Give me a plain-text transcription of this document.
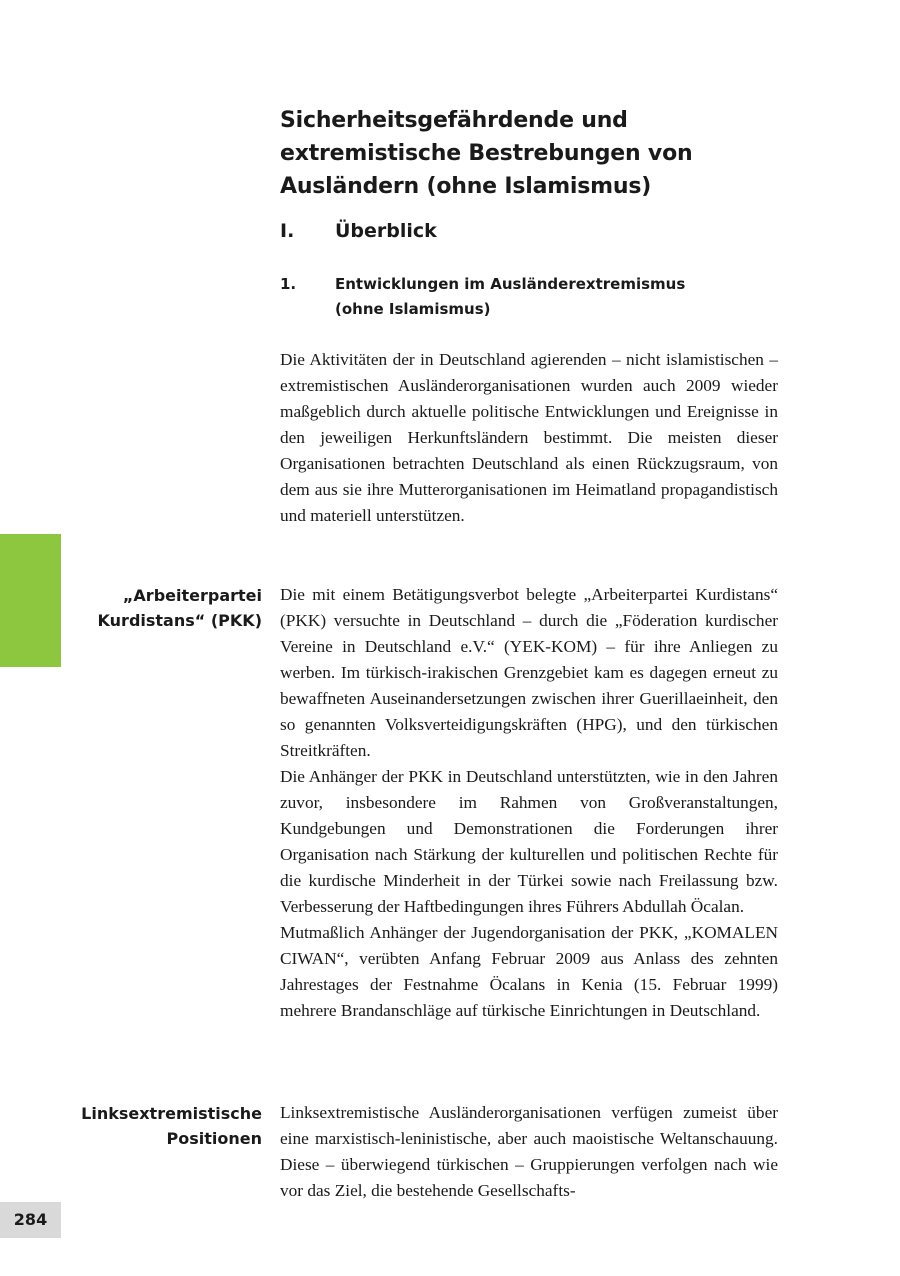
Sicherheitsgefährdende und
extremistische Bestrebungen von
Ausländern (ohne Islamismus)
I. Überblick
1.	Entwicklungen im Ausländerextremismus
(ohne Islamismus)

Die Aktivitäten der in Deutschland agierenden – nicht islamistischen – extremistischen Ausländerorganisationen wurden auch 2009 wieder maßgeblich durch aktuelle politische Entwicklungen und Ereignisse in den jeweiligen Herkunftsländern bestimmt. Die meisten dieser Organisationen betrachten Deutschland als einen Rückzugsraum, von dem aus sie ihre Mutterorganisationen im Heimatland propagandistisch und materiell unterstützen.

„Arbeiterpartei
Kurdistans“ (PKK)
Die mit einem Betätigungsverbot belegte „Arbeiterpartei Kurdistans“ (PKK) versuchte in Deutschland – durch die „Föderation kurdischer Vereine in Deutschland e.V.“ (YEK-KOM) – für ihre Anliegen zu werben. Im türkisch-irakischen Grenzgebiet kam es dagegen erneut zu bewaffneten Auseinandersetzungen zwischen ihrer Guerillaeinheit, den so genannten Volksverteidigungskräften (HPG), und den türkischen Streitkräften.
Die Anhänger der PKK in Deutschland unterstützten, wie in den Jahren zuvor, insbesondere im Rahmen von Großveranstaltungen, Kundgebungen und Demonstrationen die Forderungen ihrer Organisation nach Stärkung der kulturellen und politischen Rechte für die kurdische Minderheit in der Türkei sowie nach Freilassung bzw. Verbesserung der Haftbedingungen ihres Führers Abdullah Öcalan.
Mutmaßlich Anhänger der Jugendorganisation der PKK, „KOMALEN CIWAN“, verübten Anfang Februar 2009 aus Anlass des zehnten Jahrestages der Festnahme Öcalans in Kenia (15. Februar 1999) mehrere Brandanschläge auf türkische Einrichtungen in Deutschland.
Linksextremistische
Positionen

Linksextremistische Ausländerorganisationen verfügen zumeist über eine marxistisch-leninistische, aber auch maoistische Weltanschauung. Diese – überwiegend türkischen – Gruppierungen verfolgen nach wie vor das Ziel, die bestehende Gesellschafts-

284
